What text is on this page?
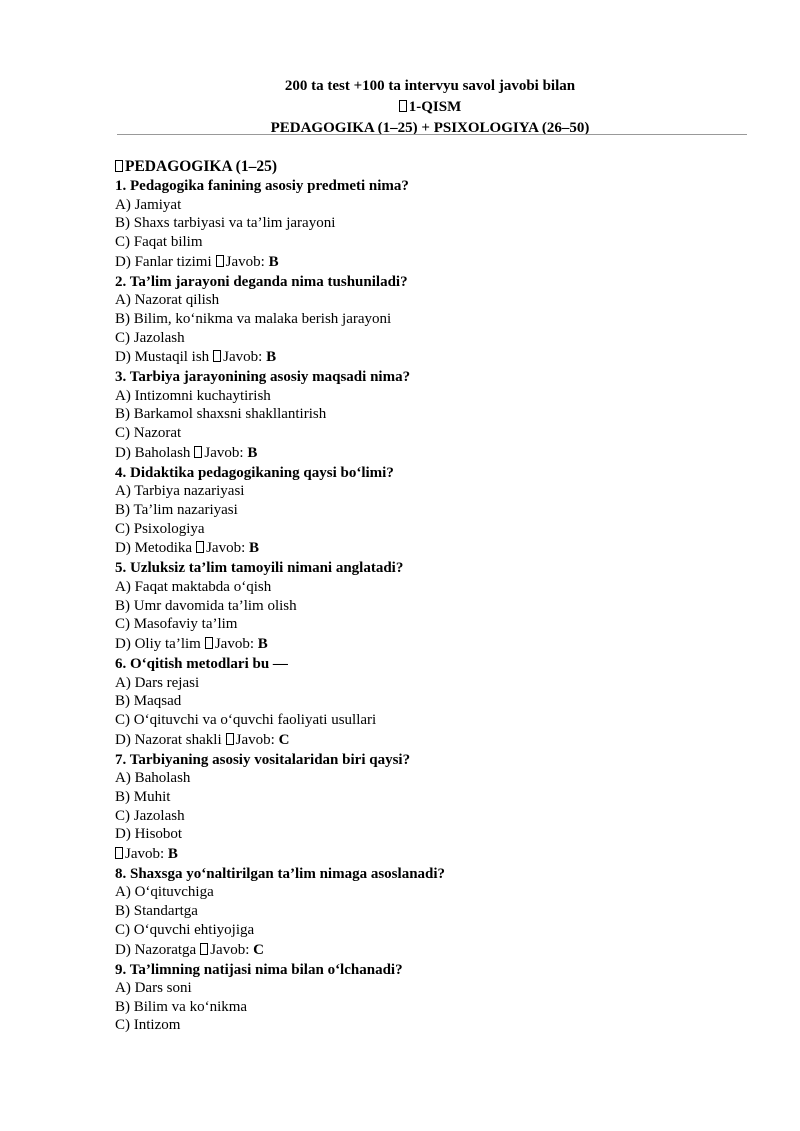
200 ta test +100 ta intervyu savol javobi bilan
1-QISM
PEDAGOGIKA (1–25) + PSIXOLOGIYA (26–50)
PEDAGOGIKA (1–25)
1. Pedagogika fanining asosiy predmeti nima?
A) Jamiyat
B) Shaxs tarbiyasi va ta’lim jarayoni
C) Faqat bilim
D) Fanlar tizimi Javob: B
2. Ta’lim jarayoni deganda nima tushuniladi?
A) Nazorat qilish
B) Bilim, ko‘nikma va malaka berish jarayoni
C) Jazolash
D) Mustaqil ish Javob: B
3. Tarbiya jarayonining asosiy maqsadi nima?
A) Intizomni kuchaytirish
B) Barkamol shaxsni shakllantirish
C) Nazorat
D) Baholash Javob: B
4. Didaktika pedagogikaning qaysi bo‘limi?
A) Tarbiya nazariyasi
B) Ta’lim nazariyasi
C) Psixologiya
D) Metodika Javob: B
5. Uzluksiz ta’lim tamoyili nimani anglatadi?
A) Faqat maktabda o‘qish
B) Umr davomida ta’lim olish
C) Masofaviy ta’lim
D) Oliy ta’lim Javob: B
6. O‘qitish metodlari bu —
A) Dars rejasi
B) Maqsad
C) O‘qituvchi va o‘quvchi faoliyati usullari
D) Nazorat shakli Javob: C
7. Tarbiyaning asosiy vositalaridan biri qaysi?
A) Baholash
B) Muhit
C) Jazolash
D) Hisobot
Javob: B
8. Shaxsga yo‘naltirilgan ta’lim nimaga asoslanadi?
A) O‘qituvchiga
B) Standartga
C) O‘quvchi ehtiyojiga
D) Nazoratga Javob: C
9. Ta’limning natijasi nima bilan o‘lchanadi?
A) Dars soni
B) Bilim va ko‘nikma
C) Intizom
